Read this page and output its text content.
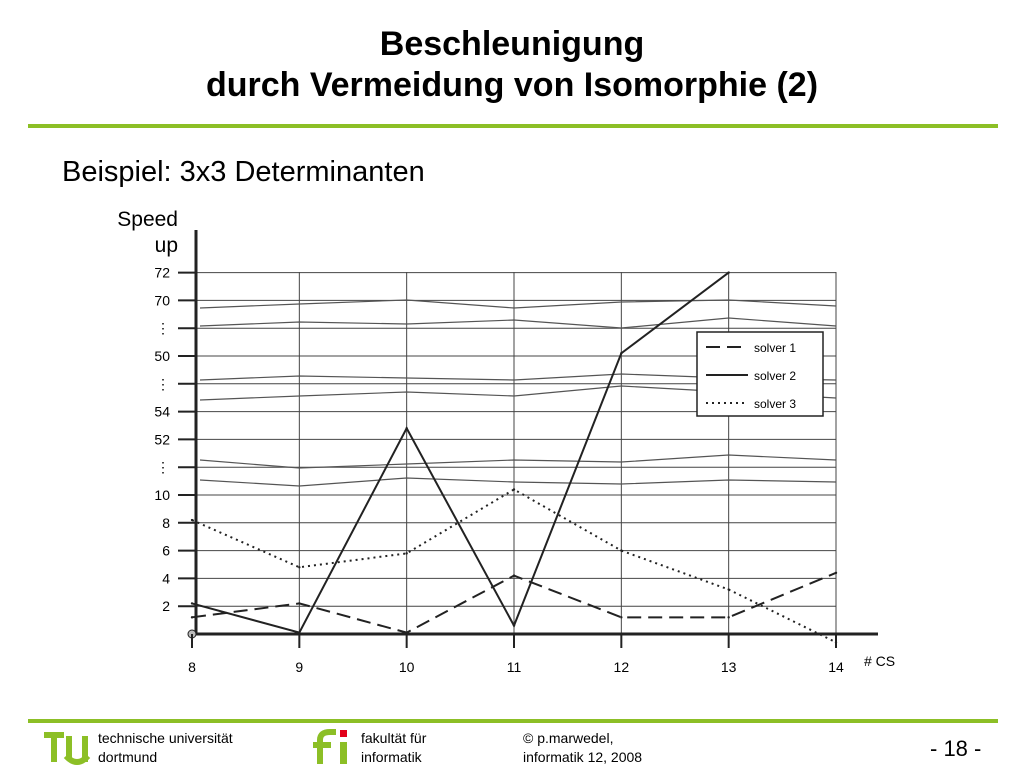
Beschleunigung
durch Vermeidung von Isomorphie (2)
Beispiel: 3x3 Determinanten
Speed
up
2
4
6
8
10
⋮
52
54
⋮
50
⋮
70
72
8	9	10	11	12	13	14 # CS
solver 1
solver 2
solver 3
technische universität
dortmund
fakultät für
informatik
© p.marwedel,
informatik 12, 2008	- 18 -
